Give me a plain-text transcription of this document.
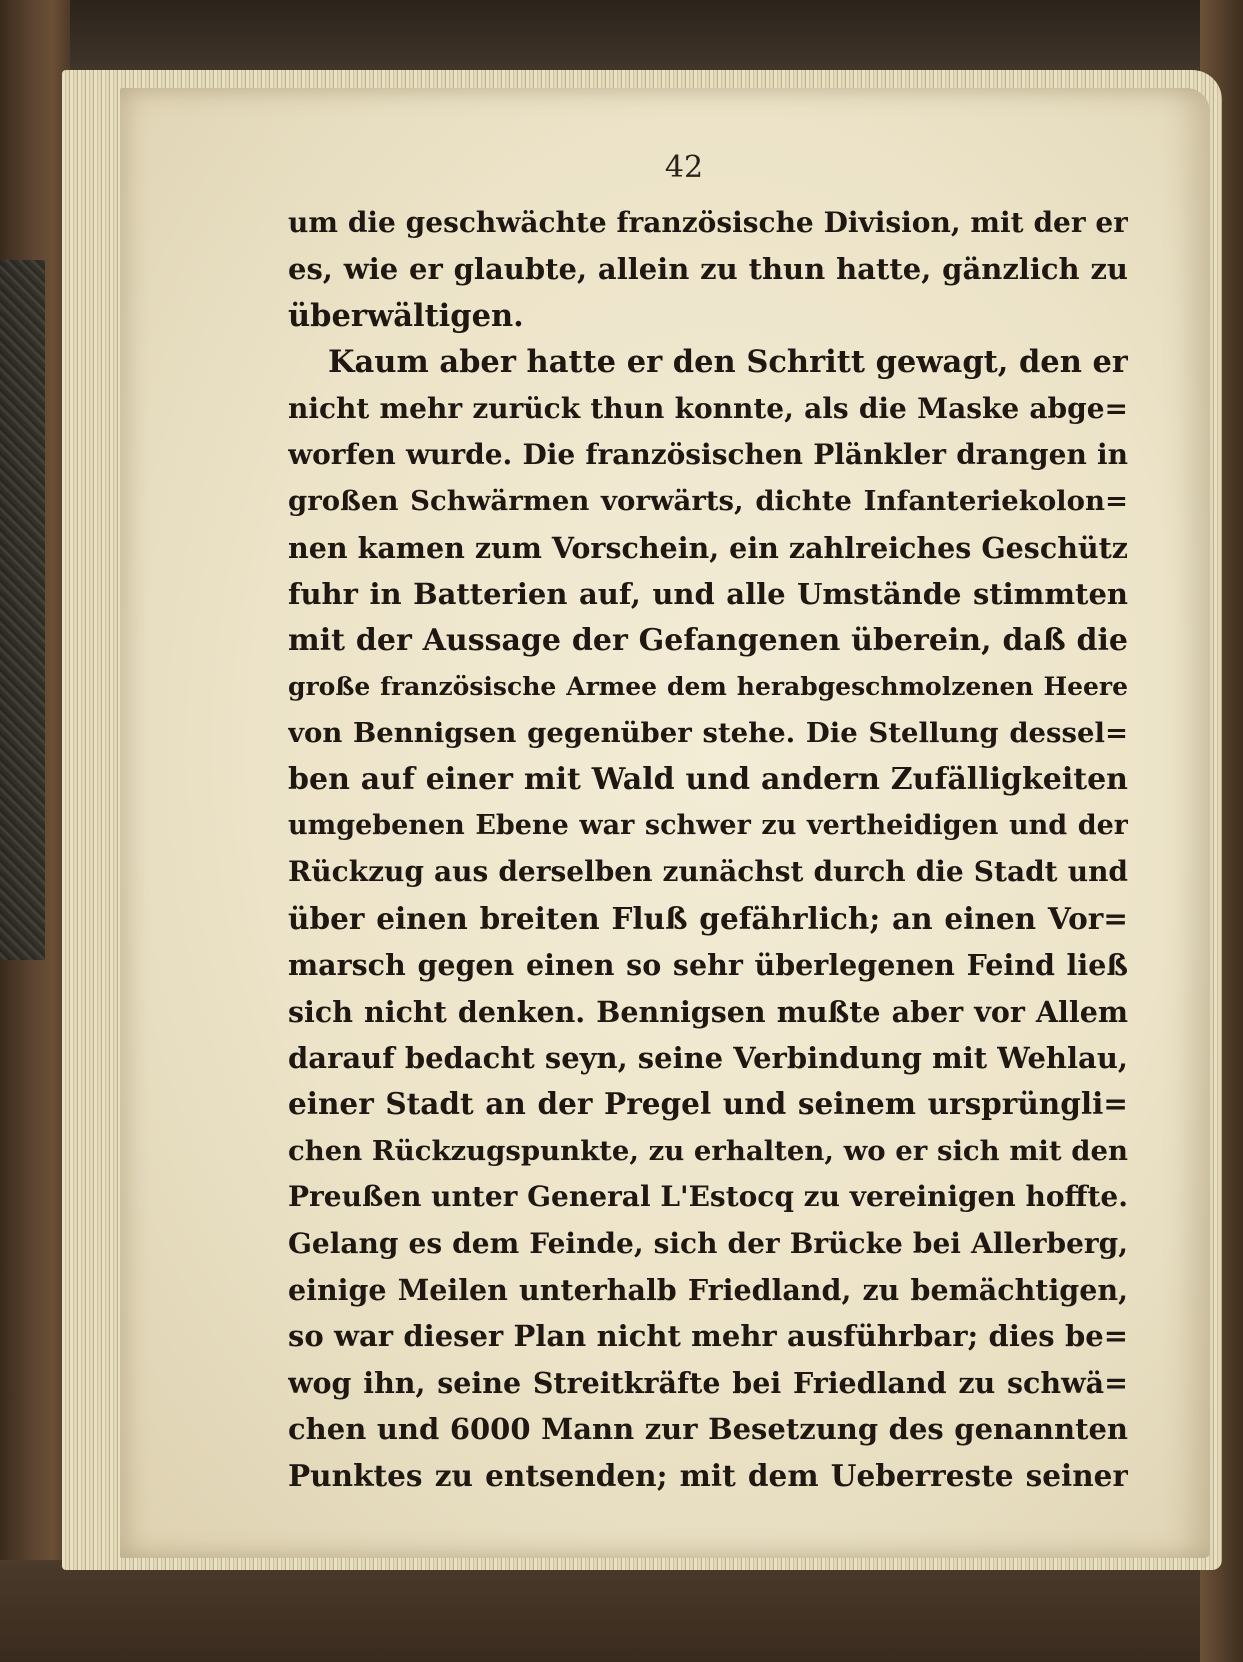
42
um die geschwächte französische Division, mit der er
es, wie er glaubte, allein zu thun hatte, gänzlich zu
überwältigen.
Kaum aber hatte er den Schritt gewagt, den er
nicht mehr zurück thun konnte, als die Maske abge=
worfen wurde. Die französischen Plänkler drangen in
großen Schwärmen vorwärts, dichte Infanteriekolon=
nen kamen zum Vorschein, ein zahlreiches Geschütz
fuhr in Batterien auf, und alle Umstände stimmten
mit der Aussage der Gefangenen überein, daß die
große französische Armee dem herabgeschmolzenen Heere
von Bennigsen gegenüber stehe. Die Stellung dessel=
ben auf einer mit Wald und andern Zufälligkeiten
umgebenen Ebene war schwer zu vertheidigen und der
Rückzug aus derselben zunächst durch die Stadt und
über einen breiten Fluß gefährlich; an einen Vor=
marsch gegen einen so sehr überlegenen Feind ließ
sich nicht denken. Bennigsen mußte aber vor Allem
darauf bedacht seyn, seine Verbindung mit Wehlau,
einer Stadt an der Pregel und seinem ursprüngli=
chen Rückzugspunkte, zu erhalten, wo er sich mit den
Preußen unter General L'Estocq zu vereinigen hoffte.
Gelang es dem Feinde, sich der Brücke bei Allerberg,
einige Meilen unterhalb Friedland, zu bemächtigen,
so war dieser Plan nicht mehr ausführbar; dies be=
wog ihn, seine Streitkräfte bei Friedland zu schwä=
chen und 6000 Mann zur Besetzung des genannten
Punktes zu entsenden; mit dem Ueberreste seiner
